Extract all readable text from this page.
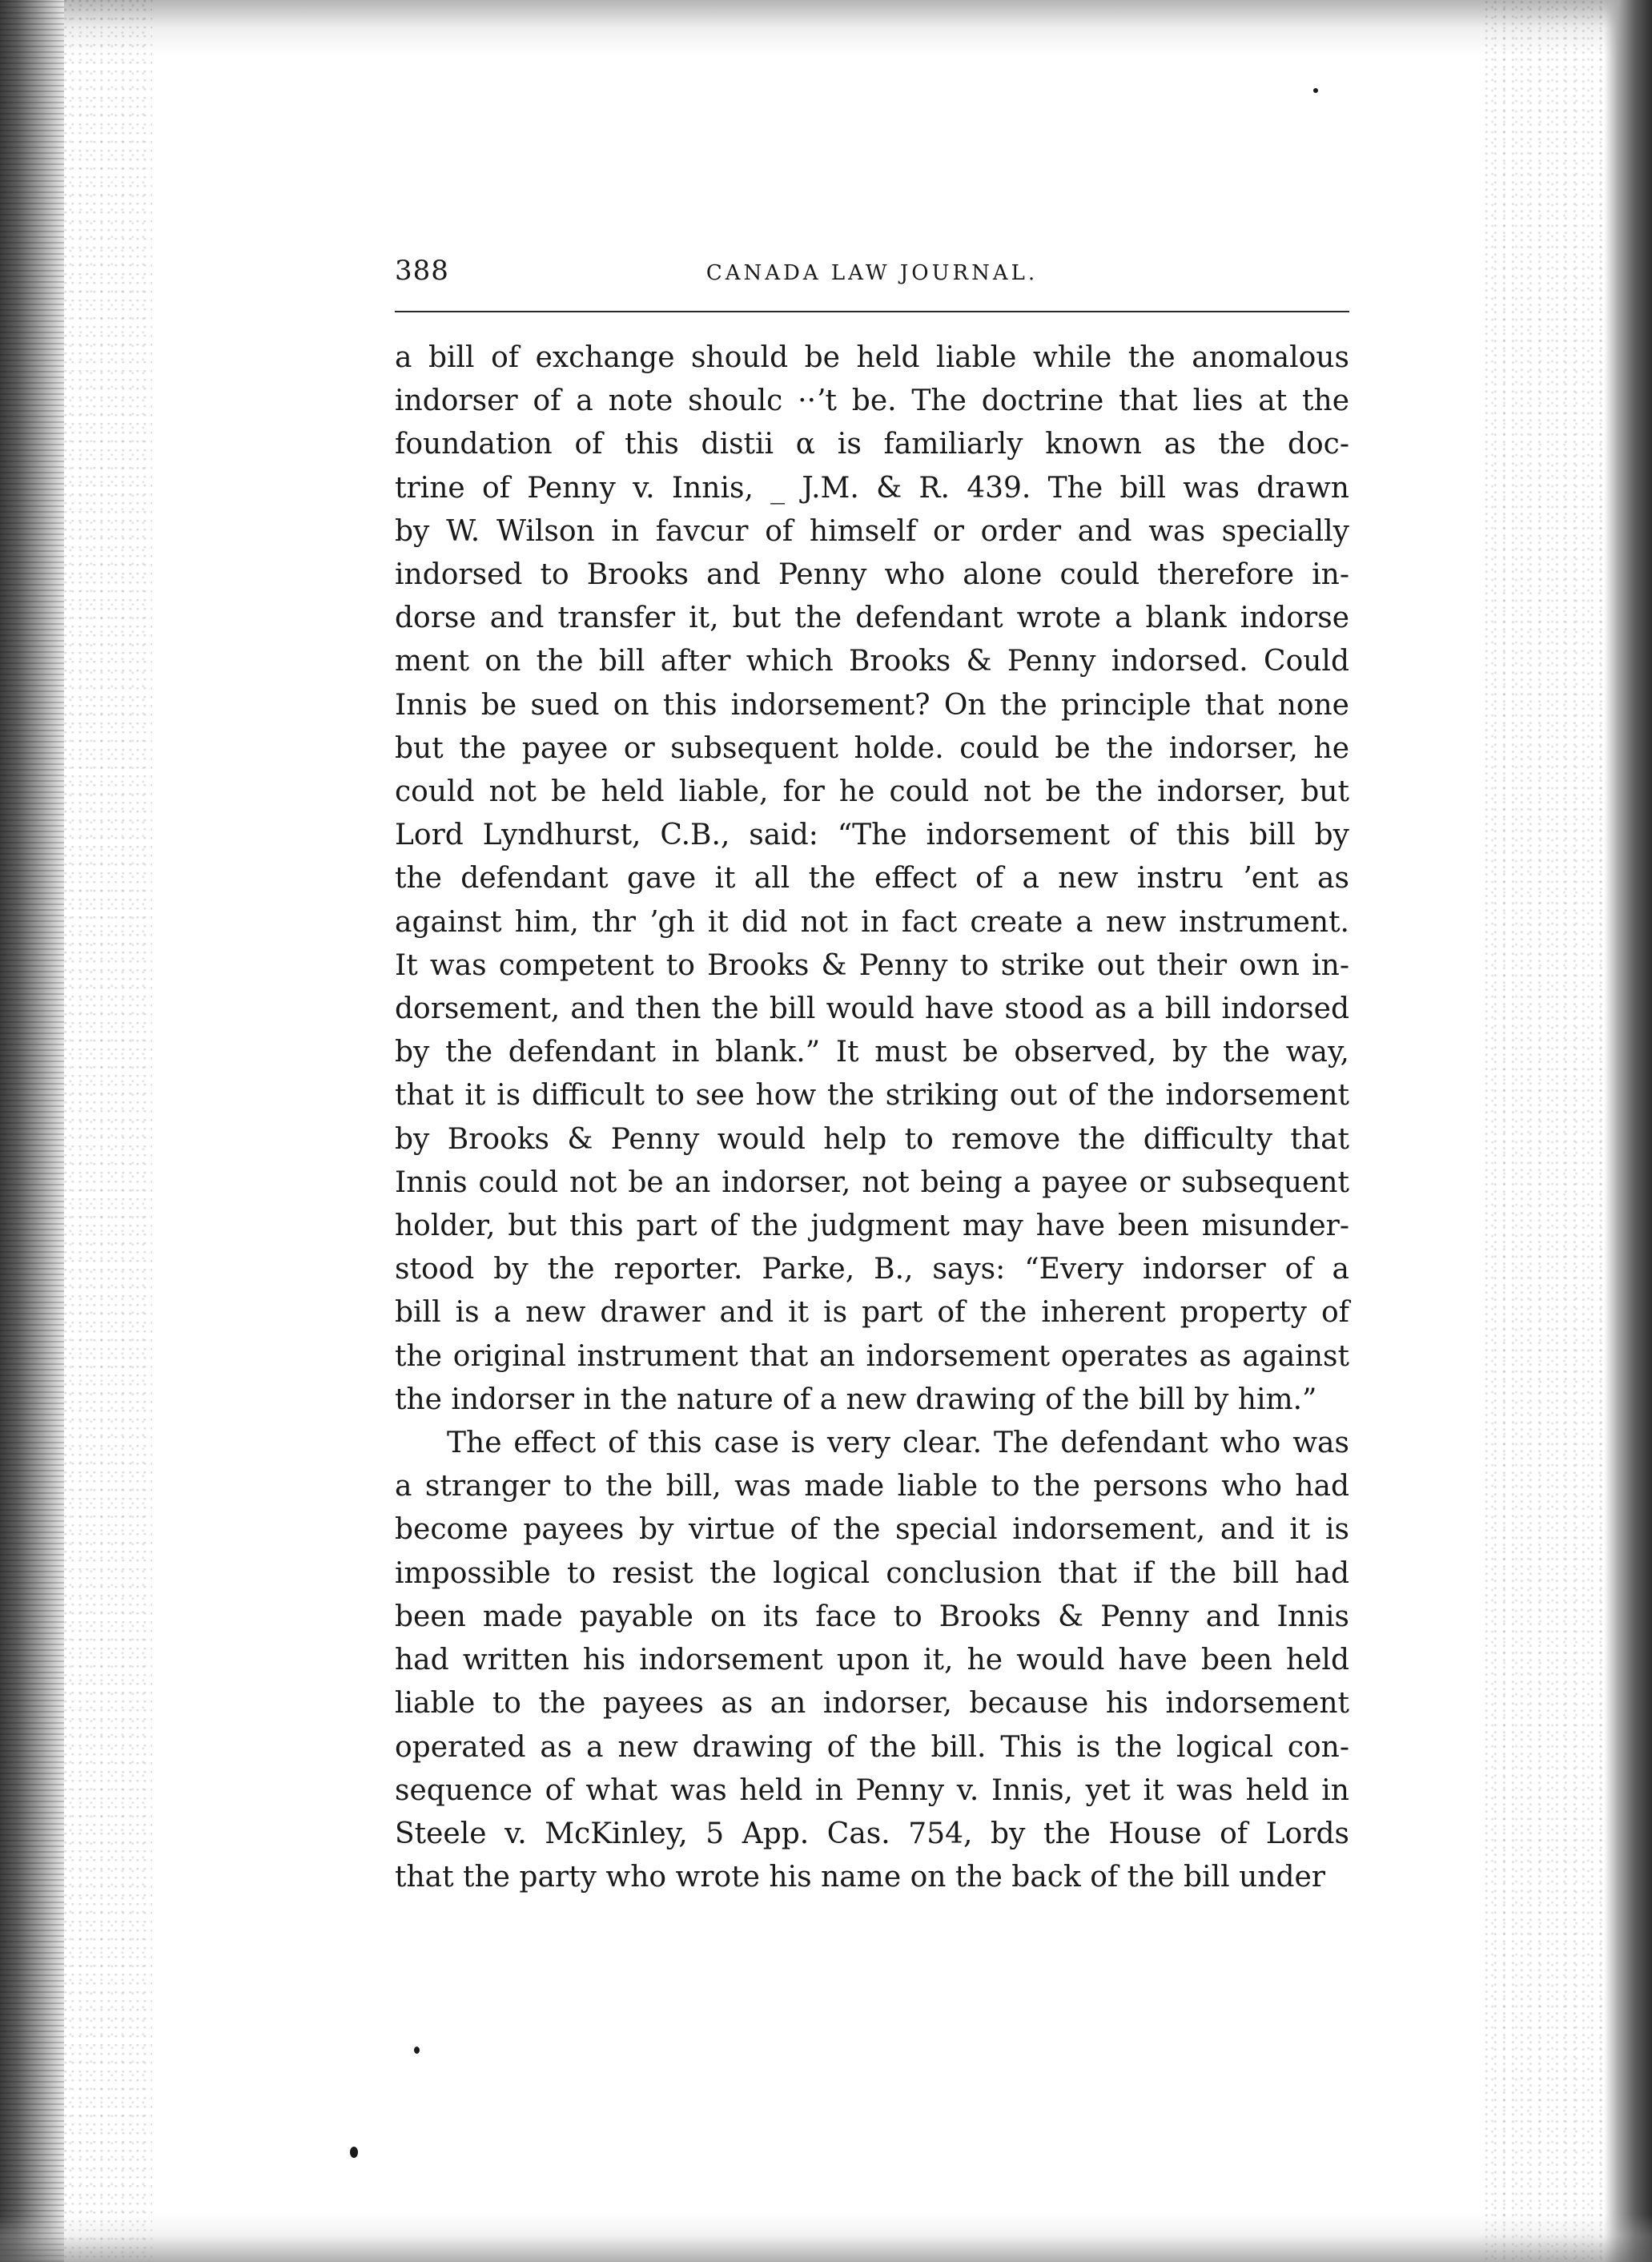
388	CANADA LAW JOURNAL.

a bill of exchange should be held liable while the anomalous
indorser of a note shoulc ··ʼt be. The doctrine that lies at the
foundation of this distii α is familiarly known as the doc-
trine of Penny v. Innis, _ J.M. & R. 439. The bill was drawn
by W. Wilson in favcur of himself or order and was specially
indorsed to Brooks and Penny who alone could therefore in-
dorse and transfer it, but the defendant wrote a blank indorse
ment on the bill after which Brooks & Penny indorsed. Could
Innis be sued on this indorsement? On the principle that none
but the payee or subsequent holde. could be the indorser, he
could not be held liable, for he could not be the indorser, but
Lord Lyndhurst, C.B., said: “The indorsement of this bill by
the defendant gave it all the effect of a new instru ʼent as
against him, thr ʼgh it did not in fact create a new instrument.
It was competent to Brooks & Penny to strike out their own in-
dorsement, and then the bill would have stood as a bill indorsed
by the defendant in blank.” It must be observed, by the way,
that it is difficult to see how the striking out of the indorsement
by Brooks & Penny would help to remove the difficulty that
Innis could not be an indorser, not being a payee or subsequent
holder, but this part of the judgment may have been misunder-
stood by the reporter. Parke, B., says: “Every indorser of a
bill is a new drawer and it is part of the inherent property of
the original instrument that an indorsement operates as against
the indorser in the nature of a new drawing of the bill by him.”

The effect of this case is very clear. The defendant who was
a stranger to the bill, was made liable to the persons who had
become payees by virtue of the special indorsement, and it is
impossible to resist the logical conclusion that if the bill had
been made payable on its face to Brooks & Penny and Innis
had written his indorsement upon it, he would have been held
liable to the payees as an indorser, because his indorsement
operated as a new drawing of the bill. This is the logical con-
sequence of what was held in Penny v. Innis, yet it was held in
Steele v. McKinley, 5 App. Cas. 754, by the House of Lords
that the party who wrote his name on the back of the bill under
